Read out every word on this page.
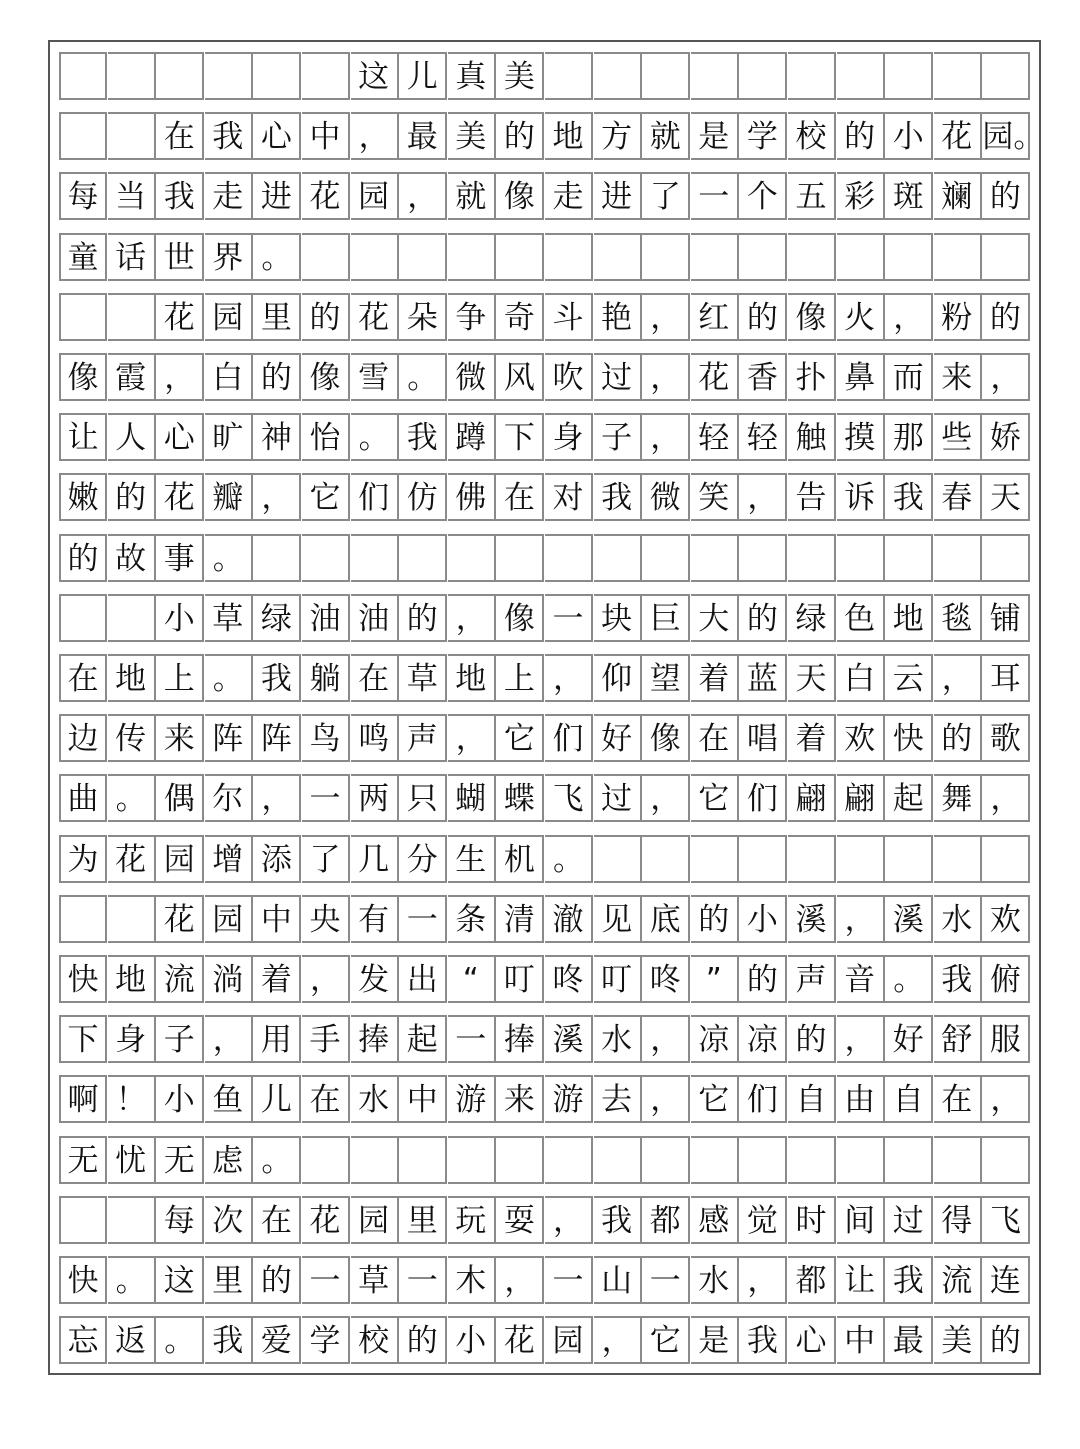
这 儿 真 美
在 我 心 中 ， 最 美 的 地 方 就 是 学 校 的 小 花 园。
每 当 我 走 进 花 园 ， 就 像 走 进 了 一 个 五 彩 斑 斓 的
童 话 世 界 。
花 园 里 的 花 朵 争 奇 斗 艳 ， 红 的 像 火 ， 粉 的
像 霞 ， 白 的 像 雪 。 微 风 吹 过 ， 花 香 扑 鼻 而 来 ，
让 人 心 旷 神 怡 。 我 蹲 下 身 子 ， 轻 轻 触 摸 那 些 娇
嫩 的 花 瓣 ， 它 们 仿 佛 在 对 我 微 笑 ， 告 诉 我 春 天
的 故 事 。
小 草 绿 油 油 的 ， 像 一 块 巨 大 的 绿 色 地 毯 铺
在 地 上 。 我 躺 在 草 地 上 ， 仰 望 着 蓝 天 白 云 ， 耳
边 传 来 阵 阵 鸟 鸣 声 ， 它 们 好 像 在 唱 着 欢 快 的 歌
曲 。 偶 尔 ， 一 两 只 蝴 蝶 飞 过 ， 它 们 翩 翩 起 舞 ，
为 花 园 增 添 了 几 分 生 机 。
花 园 中 央 有 一 条 清 澈 见 底 的 小 溪 ， 溪 水 欢
快 地 流 淌 着 ， 发 出 “ 叮 咚 叮 咚 ” 的 声 音 。 我 俯
下 身 子 ， 用 手 捧 起 一 捧 溪 水 ， 凉 凉 的 ， 好 舒 服
啊 ！ 小 鱼 儿 在 水 中 游 来 游 去 ， 它 们 自 由 自 在 ，
无 忧 无 虑 。
每 次 在 花 园 里 玩 耍 ， 我 都 感 觉 时 间 过 得 飞
快 。 这 里 的 一 草 一 木 ， 一 山 一 水 ， 都 让 我 流 连
忘 返 。 我 爱 学 校 的 小 花 园 ， 它 是 我 心 中 最 美 的
